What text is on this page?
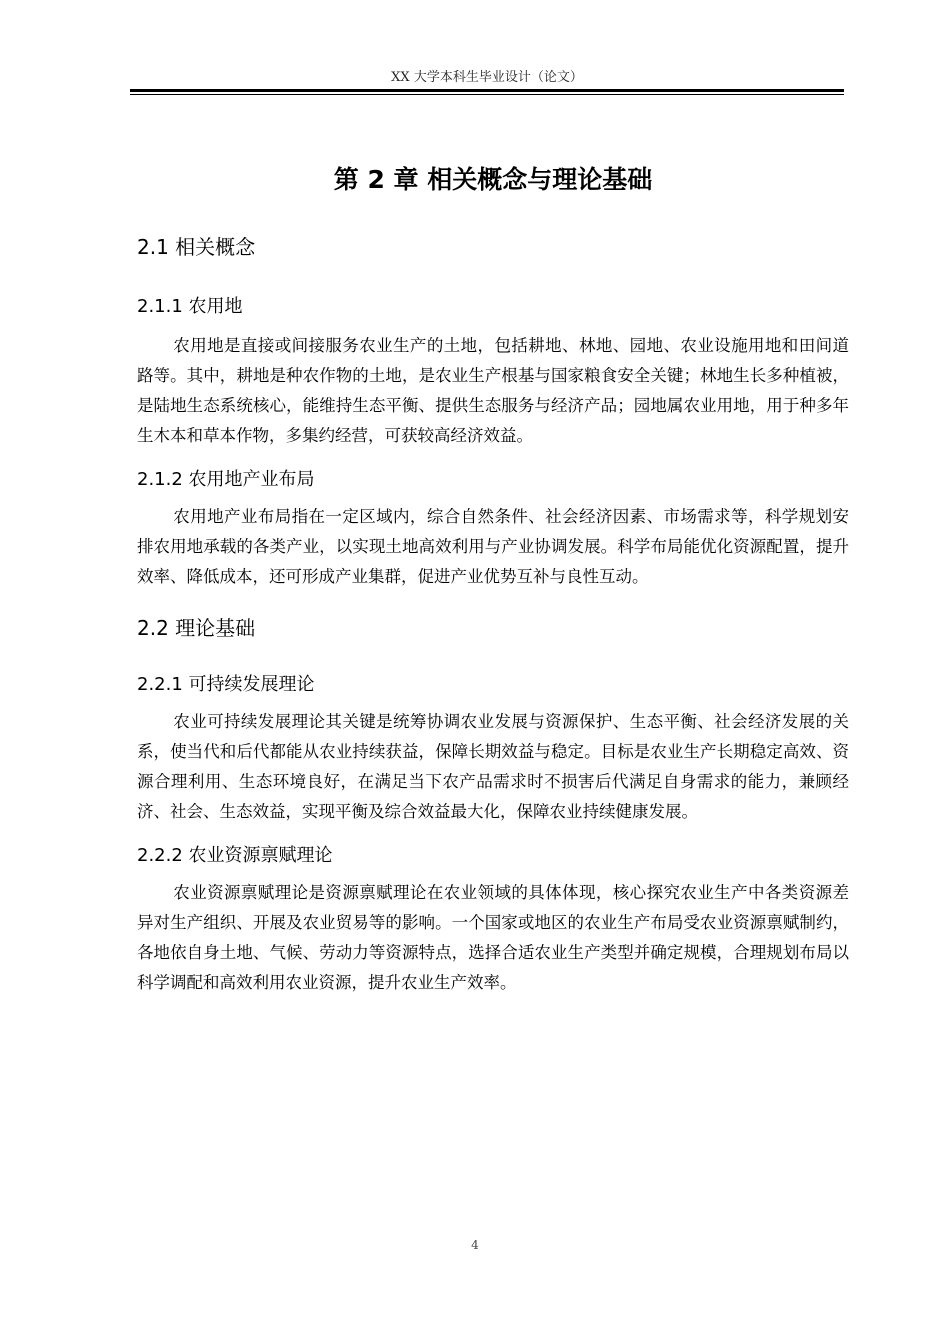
XX 大学本科生毕业设计（论文）
第 2 章 相关概念与理论基础
2.1 相关概念
2.1.1 农用地

农用地是直接或间接服务农业生产的土地，包括耕地、林地、园地、农业设施用地和田间道路等。其中，耕地是种农作物的土地，是农业生产根基与国家粮食安全关键；林地生长多种植被，是陆地生态系统核心，能维持生态平衡、提供生态服务与经济产品；园地属农业用地，用于种多年生木本和草本作物，多集约经营，可获较高经济效益。

2.1.2 农用地产业布局

农用地产业布局指在一定区域内，综合自然条件、社会经济因素、市场需求等，科学规划安排农用地承载的各类产业，以实现土地高效利用与产业协调发展。科学布局能优化资源配置，提升效率、降低成本，还可形成产业集群，促进产业优势互补与良性互动。

2.2 理论基础
2.2.1 可持续发展理论

农业可持续发展理论其关键是统筹协调农业发展与资源保护、生态平衡、社会经济发展的关系，使当代和后代都能从农业持续获益，保障长期效益与稳定。目标是农业生产长期稳定高效、资源合理利用、生态环境良好，在满足当下农产品需求时不损害后代满足自身需求的能力，兼顾经济、社会、生态效益，实现平衡及综合效益最大化，保障农业持续健康发展。

2.2.2 农业资源禀赋理论

农业资源禀赋理论是资源禀赋理论在农业领域的具体体现，核心探究农业生产中各类资源差异对生产组织、开展及农业贸易等的影响。一个国家或地区的农业生产布局受农业资源禀赋制约，各地依自身土地、气候、劳动力等资源特点，选择合适农业生产类型并确定规模，合理规划布局以科学调配和高效利用农业资源，提升农业生产效率。

4
